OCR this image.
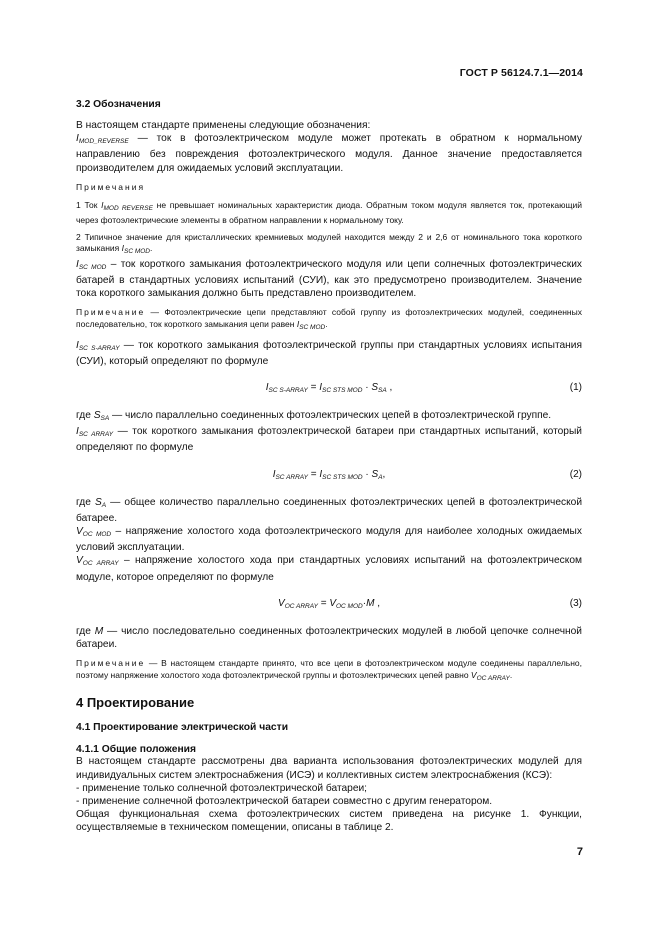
ГОСТ Р 56124.7.1—2014
3.2 Обозначения

В настоящем стандарте применены следующие обозначения:

$I_{MOD\_REVERSE}$ — ток в фотоэлектрическом модуле может протекать в обратном к нормальному направлению без повреждения фотоэлектрического модуля. Данное значение предоставляется производителем для ожидаемых условий эксплуатации.

Примечания

1 Ток $I_{MOD REVERSE}$ не превышает номинальных характеристик диода. Обратным током модуля является ток, протекающий через фотоэлектрические элементы в обратном направлении к нормальному току.

2 Типичное значение для кристаллических кремниевых модулей находится между 2 и 2,6 от номинального тока короткого замыкания $I_{SC MOD}$.

$I_{SC MOD}$ – ток короткого замыкания фотоэлектрического модуля или цепи солнечных фотоэлектрических батарей в стандартных условиях испытаний (СУИ), как это предусмотрено производителем. Значение тока короткого замыкания должно быть представлено производителем.

Примечание — Фотоэлектрические цепи представляют собой группу из фотоэлектрических модулей, соединенных последовательно, ток короткого замыкания цепи равен $I_{SC MOD}$.

$I_{SC S-ARRAY}$ — ток короткого замыкания фотоэлектрической группы при стандартных условиях испытания (СУИ), который определяют по формуле

$I_{SC S-ARRAY} = I_{SC STS MOD} \cdot S_{SA}$ ,	(1)

где $S_{SA}$ — число параллельно соединенных фотоэлектрических цепей в фотоэлектрической группе.

$I_{SC ARRAY}$ — ток короткого замыкания фотоэлектрической батареи при стандартных испытаний, который определяют по формуле

$I_{SC ARRAY} = I_{SC STS MOD} \cdot S_A$,	(2)

где $S_A$ — общее количество параллельно соединенных фотоэлектрических цепей в фотоэлектрической батарее.

$V_{OC MOD}$ – напряжение холостого хода фотоэлектрического модуля для наиболее холодных ожидаемых условий эксплуатации.

$V_{OC ARRAY}$ – напряжение холостого хода при стандартных условиях испытаний на фотоэлектрическом модуле, которое определяют по формуле

$V_{OC ARRAY} = V_{OC MOD}\cdot M$ ,	(3)

где M — число последовательно соединенных фотоэлектрических модулей в любой цепочке солнечной батареи.

Примечание — В настоящем стандарте принято, что все цепи в фотоэлектрическом модуле соединены параллельно, поэтому напряжение холостого хода фотоэлектрической группы и фотоэлектрических цепей равно $V_{OC ARRAY}$.

4 Проектирование
4.1 Проектирование электрической части
4.1.1 Общие положения

В настоящем стандарте рассмотрены два варианта использования фотоэлектрических модулей для индивидуальных систем электроснабжения (ИСЭ) и коллективных систем электроснабжения (КСЭ):

- применение только солнечной фотоэлектрической батареи;

- применение солнечной фотоэлектрической батареи совместно с другим генератором.

Общая функциональная схема фотоэлектрических систем приведена на рисунке 1. Функции, осуществляемые в техническом помещении, описаны в таблице 2.

7
